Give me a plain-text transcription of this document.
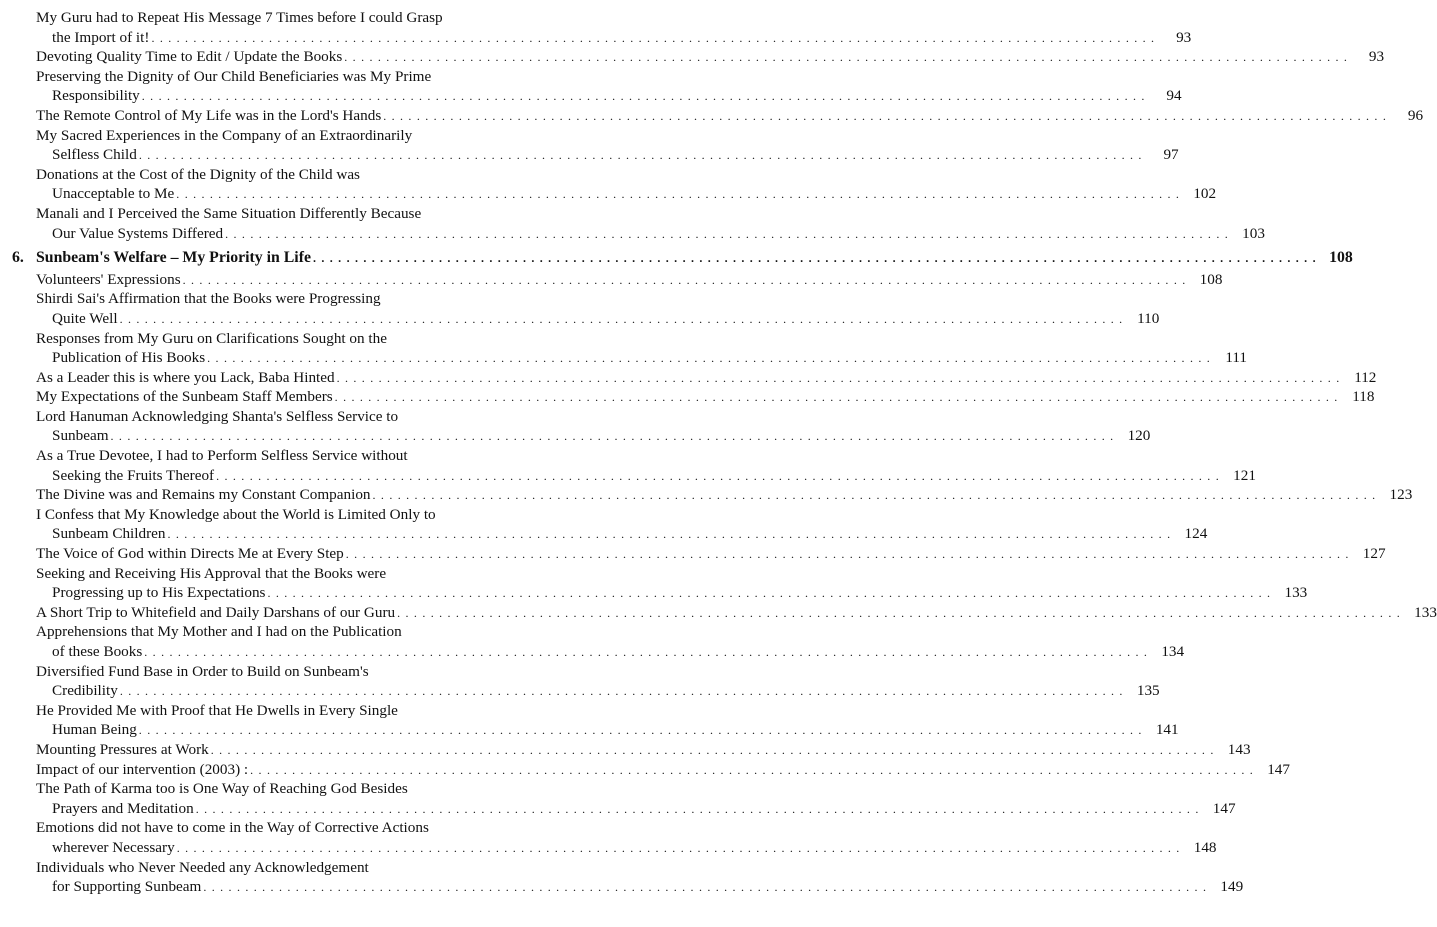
My Guru had to Repeat His Message 7 Times before I could Grasp
the Import of it! . . . . . . . . . . . . . . . . . . . . . . . . . . . . . . . . . . . . . . . . . . . . . . . . . . . . . . . . . . . . . . . . . . . . . . . . . . . . . . . . . . . . . . . . . . . . . . . . . . . . . . . . . . . . . . . . . . . . . . . .	93
Devoting Quality Time to Edit / Update the Books . . . . . . . . . . . . . . . . . . . . . . . . . . . . . . . . . . . . . . . . . . . . . . . . . . . . . . . . . . . . . . . . . . . . . . . . . . . . . . . . . . . . . . . . . . . . . . . . . . . . . . . . . . . . . . . . . . . . . . . .	93
Preserving the Dignity of Our Child Beneficiaries was My Prime
Responsibility . . . . . . . . . . . . . . . . . . . . . . . . . . . . . . . . . . . . . . . . . . . . . . . . . . . . . . . . . . . . . . . . . . . . . . . . . . . . . . . . . . . . . . . . . . . . . . . . . . . . . . . . . . . . . . . . . . . . . . . .	94
The Remote Control of My Life was in the Lord's Hands . . . . . . . . . . . . . . . . . . . . . . . . . . . . . . . . . . . . . . . . . . . . . . . . . . . . . . . . . . . . . . . . . . . . . . . . . . . . . . . . . . . . . . . . . . . . . . . . . . . . . . . . . . . . . . . . . . . . . . . .	96
My Sacred Experiences in the Company of an Extraordinarily
Selfless Child . . . . . . . . . . . . . . . . . . . . . . . . . . . . . . . . . . . . . . . . . . . . . . . . . . . . . . . . . . . . . . . . . . . . . . . . . . . . . . . . . . . . . . . . . . . . . . . . . . . . . . . . . . . . . . . . . . . . . . . .	97
Donations at the Cost of the Dignity of the Child was
Unacceptable to Me . . . . . . . . . . . . . . . . . . . . . . . . . . . . . . . . . . . . . . . . . . . . . . . . . . . . . . . . . . . . . . . . . . . . . . . . . . . . . . . . . . . . . . . . . . . . . . . . . . . . . . . . . . . . . . . . . . . . . . . . 102
Manali and I Perceived the Same Situation Differently Because
Our Value Systems Differed . . . . . . . . . . . . . . . . . . . . . . . . . . . . . . . . . . . . . . . . . . . . . . . . . . . . . . . . . . . . . . . . . . . . . . . . . . . . . . . . . . . . . . . . . . . . . . . . . . . . . . . . . . . . . . . . . . . . . . . . 103
6. Sunbeam's Welfare – My Priority in Life . . . . . . . . . . . . . . . . . . . . . . . . . . . . . . . . . . . . . . . . . . . . . . . . . . . . . . . . . . . . . . . . . . . . . . . . . . . . . . . . . . . . . . . . . . . . . . . . . . . . . . . . . . . . . . . . . . . . . . . . 108
Volunteers' Expressions . . . . . . . . . . . . . . . . . . . . . . . . . . . . . . . . . . . . . . . . . . . . . . . . . . . . . . . . . . . . . . . . . . . . . . . . . . . . . . . . . . . . . . . . . . . . . . . . . . . . . . . . . . . . . . . . . . . . . . . . 108
Shirdi Sai's Affirmation that the Books were Progressing
Quite Well . . . . . . . . . . . . . . . . . . . . . . . . . . . . . . . . . . . . . . . . . . . . . . . . . . . . . . . . . . . . . . . . . . . . . . . . . . . . . . . . . . . . . . . . . . . . . . . . . . . . . . . . . . . . . . . . . . . . . . . . 110
Responses from My Guru on Clarifications Sought on the
Publication of His Books . . . . . . . . . . . . . . . . . . . . . . . . . . . . . . . . . . . . . . . . . . . . . . . . . . . . . . . . . . . . . . . . . . . . . . . . . . . . . . . . . . . . . . . . . . . . . . . . . . . . . . . . . . . . . . . . . . . . . . . . 111
As a Leader this is where you Lack, Baba Hinted . . . . . . . . . . . . . . . . . . . . . . . . . . . . . . . . . . . . . . . . . . . . . . . . . . . . . . . . . . . . . . . . . . . . . . . . . . . . . . . . . . . . . . . . . . . . . . . . . . . . . . . . . . . . . . . . . . . . . . . . 112
My Expectations of the Sunbeam Staff Members . . . . . . . . . . . . . . . . . . . . . . . . . . . . . . . . . . . . . . . . . . . . . . . . . . . . . . . . . . . . . . . . . . . . . . . . . . . . . . . . . . . . . . . . . . . . . . . . . . . . . . . . . . . . . . . . . . . . . . . . 118
Lord Hanuman Acknowledging Shanta's Selfless Service to
Sunbeam . . . . . . . . . . . . . . . . . . . . . . . . . . . . . . . . . . . . . . . . . . . . . . . . . . . . . . . . . . . . . . . . . . . . . . . . . . . . . . . . . . . . . . . . . . . . . . . . . . . . . . . . . . . . . . . . . . . . . . . . 120
As a True Devotee, I had to Perform Selfless Service without
Seeking the Fruits Thereof . . . . . . . . . . . . . . . . . . . . . . . . . . . . . . . . . . . . . . . . . . . . . . . . . . . . . . . . . . . . . . . . . . . . . . . . . . . . . . . . . . . . . . . . . . . . . . . . . . . . . . . . . . . . . . . . . . . . . . . . 121
The Divine was and Remains my Constant Companion . . . . . . . . . . . . . . . . . . . . . . . . . . . . . . . . . . . . . . . . . . . . . . . . . . . . . . . . . . . . . . . . . . . . . . . . . . . . . . . . . . . . . . . . . . . . . . . . . . . . . . . . . . . . . . . . . . . . . . . . 123
I Confess that My Knowledge about the World is Limited Only to
Sunbeam Children . . . . . . . . . . . . . . . . . . . . . . . . . . . . . . . . . . . . . . . . . . . . . . . . . . . . . . . . . . . . . . . . . . . . . . . . . . . . . . . . . . . . . . . . . . . . . . . . . . . . . . . . . . . . . . . . . . . . . . . . 124
The Voice of God within Directs Me at Every Step . . . . . . . . . . . . . . . . . . . . . . . . . . . . . . . . . . . . . . . . . . . . . . . . . . . . . . . . . . . . . . . . . . . . . . . . . . . . . . . . . . . . . . . . . . . . . . . . . . . . . . . . . . . . . . . . . . . . . . . . 127
Seeking and Receiving His Approval that the Books were
Progressing up to His Expectations . . . . . . . . . . . . . . . . . . . . . . . . . . . . . . . . . . . . . . . . . . . . . . . . . . . . . . . . . . . . . . . . . . . . . . . . . . . . . . . . . . . . . . . . . . . . . . . . . . . . . . . . . . . . . . . . . . . . . . . . 133
A Short Trip to Whitefield and Daily Darshans of our Guru . . . . . . . . . . . . . . . . . . . . . . . . . . . . . . . . . . . . . . . . . . . . . . . . . . . . . . . . . . . . . . . . . . . . . . . . . . . . . . . . . . . . . . . . . . . . . . . . . . . . . . . . . . . . . . . . . . . . . . . . 133
Apprehensions that My Mother and I had on the Publication
of these Books . . . . . . . . . . . . . . . . . . . . . . . . . . . . . . . . . . . . . . . . . . . . . . . . . . . . . . . . . . . . . . . . . . . . . . . . . . . . . . . . . . . . . . . . . . . . . . . . . . . . . . . . . . . . . . . . . . . . . . . . 134
Diversified Fund Base in Order to Build on Sunbeam's
Credibility . . . . . . . . . . . . . . . . . . . . . . . . . . . . . . . . . . . . . . . . . . . . . . . . . . . . . . . . . . . . . . . . . . . . . . . . . . . . . . . . . . . . . . . . . . . . . . . . . . . . . . . . . . . . . . . . . . . . . . . . 135
He Provided Me with Proof that He Dwells in Every Single
Human Being . . . . . . . . . . . . . . . . . . . . . . . . . . . . . . . . . . . . . . . . . . . . . . . . . . . . . . . . . . . . . . . . . . . . . . . . . . . . . . . . . . . . . . . . . . . . . . . . . . . . . . . . . . . . . . . . . . . . . . . . 141
Mounting Pressures at Work . . . . . . . . . . . . . . . . . . . . . . . . . . . . . . . . . . . . . . . . . . . . . . . . . . . . . . . . . . . . . . . . . . . . . . . . . . . . . . . . . . . . . . . . . . . . . . . . . . . . . . . . . . . . . . . . . . . . . . . . 143
Impact of our intervention (2003) : . . . . . . . . . . . . . . . . . . . . . . . . . . . . . . . . . . . . . . . . . . . . . . . . . . . . . . . . . . . . . . . . . . . . . . . . . . . . . . . . . . . . . . . . . . . . . . . . . . . . . . . . . . . . . . . . . . . . . . . . 147
The Path of Karma too is One Way of Reaching God Besides
Prayers and Meditation . . . . . . . . . . . . . . . . . . . . . . . . . . . . . . . . . . . . . . . . . . . . . . . . . . . . . . . . . . . . . . . . . . . . . . . . . . . . . . . . . . . . . . . . . . . . . . . . . . . . . . . . . . . . . . . . . . . . . . . . 147
Emotions did not have to come in the Way of Corrective Actions
wherever Necessary . . . . . . . . . . . . . . . . . . . . . . . . . . . . . . . . . . . . . . . . . . . . . . . . . . . . . . . . . . . . . . . . . . . . . . . . . . . . . . . . . . . . . . . . . . . . . . . . . . . . . . . . . . . . . . . . . . . . . . . . 148
Individuals who Never Needed any Acknowledgement
for Supporting Sunbeam . . . . . . . . . . . . . . . . . . . . . . . . . . . . . . . . . . . . . . . . . . . . . . . . . . . . . . . . . . . . . . . . . . . . . . . . . . . . . . . . . . . . . . . . . . . . . . . . . . . . . . . . . . . . . . . . . . . . . . . . 149
